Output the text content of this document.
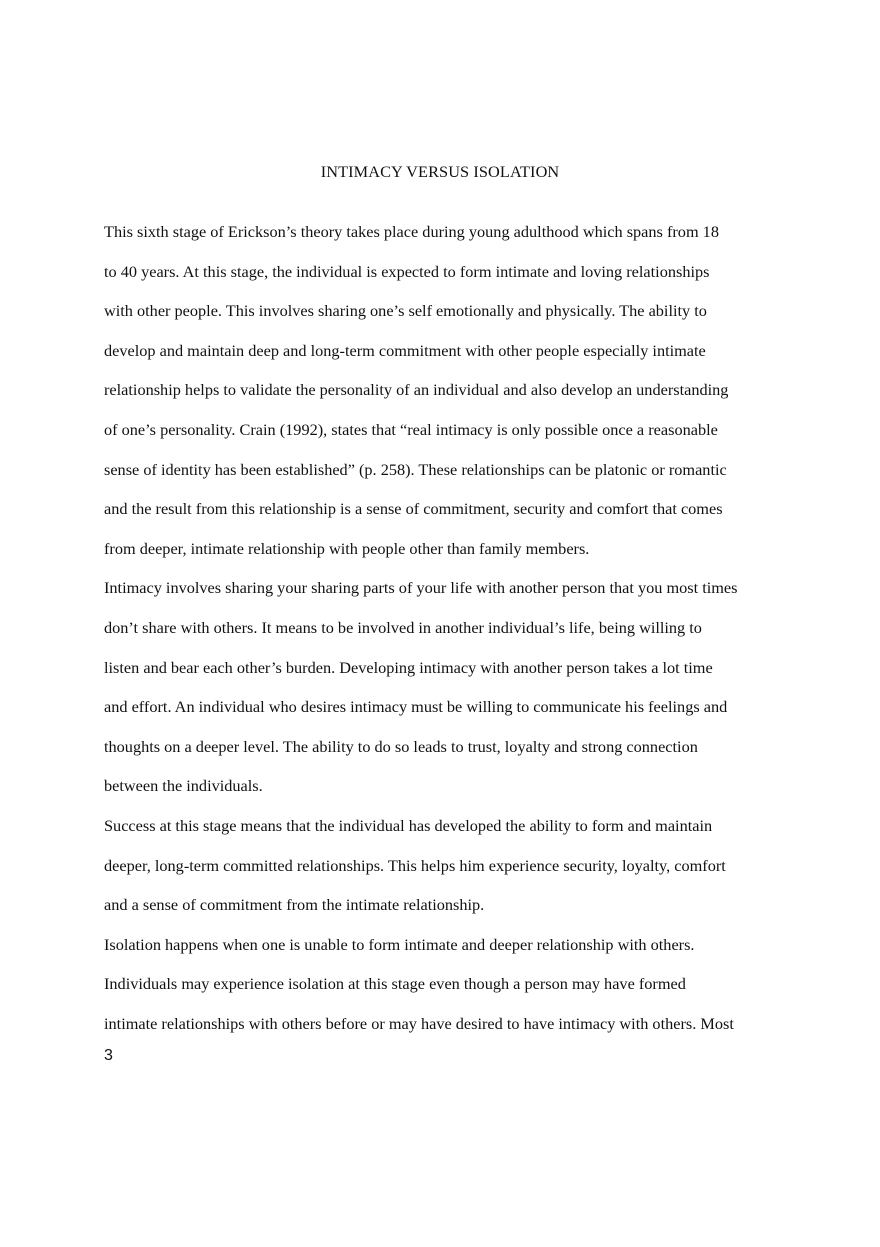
INTIMACY VERSUS ISOLATION
This sixth stage of Erickson’s theory takes place during young adulthood which spans from 18
to 40 years. At this stage, the individual is expected to form intimate and loving relationships
with other people. This involves sharing one’s self emotionally and physically. The ability to
develop and maintain deep and long-term commitment with other people especially intimate
relationship helps to validate the personality of an individual and also develop an understanding
of one’s personality. Crain (1992), states that “real intimacy is only possible once a reasonable
sense of identity has been established” (p. 258). These relationships can be platonic or romantic
and the result from this relationship is a sense of commitment, security and comfort that comes
from deeper, intimate relationship with people other than family members.
Intimacy involves sharing your sharing parts of your life with another person that you most times
don’t share with others. It means to be involved in another individual’s life, being willing to
listen and bear each other’s burden. Developing intimacy with another person takes a lot time
and effort. An individual who desires intimacy must be willing to communicate his feelings and
thoughts on a deeper level. The ability to do so leads to trust, loyalty and strong connection
between the individuals.
Success at this stage means that the individual has developed the ability to form and maintain
deeper, long-term committed relationships. This helps him experience security, loyalty, comfort
and a sense of commitment from the intimate relationship.
Isolation happens when one is unable to form intimate and deeper relationship with others.
Individuals may experience isolation at this stage even though a person may have formed
intimate relationships with others before or may have desired to have intimacy with others. Most
3
